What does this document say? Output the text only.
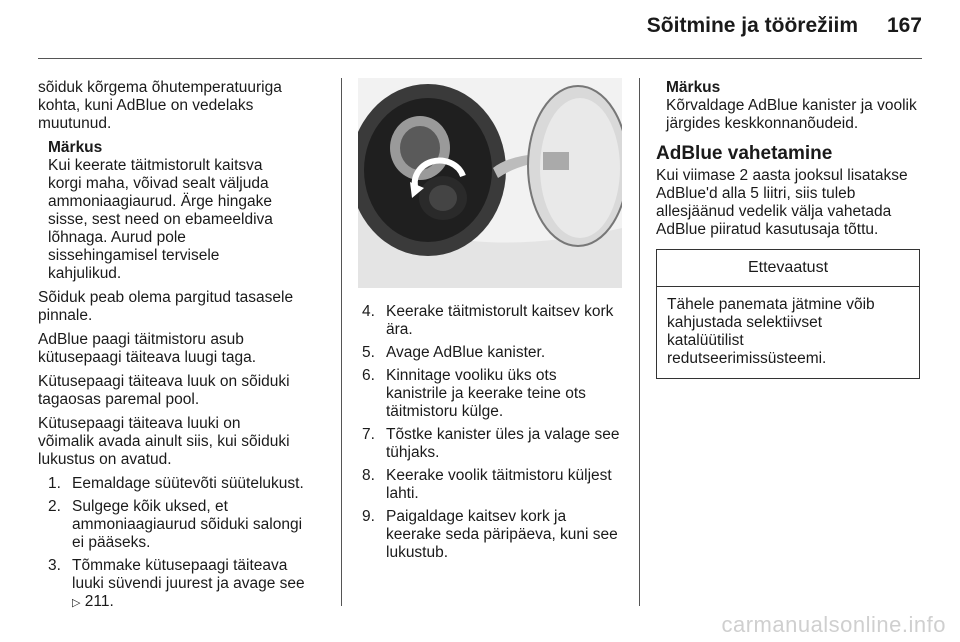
Sõitmine ja töörežiim 167

sõiduk kõrgema õhutemperatuuriga
kohta, kuni AdBlue on vedelaks
muutunud.

Märkus
Kui keerate täitmistorult kaitsva
korgi maha, võivad sealt väljuda
ammoniaagiaurud. Ärge hingake
sisse, sest need on ebameeldiva
lõhnaga. Aurud pole
sissehingamisel tervisele
kahjulikud.

Sõiduk peab olema pargitud tasasele
pinnale.

AdBlue paagi täitmistoru asub
kütusepaagi täiteava luugi taga.

Kütusepaagi täiteava luuk on sõiduki
tagaosas paremal pool.

Kütusepaagi täiteava luuki on
võimalik avada ainult siis, kui sõiduki
lukustus on avatud.

1. Eemaldage süütevõti süütelukust.
2. Sulgege kõik uksed, et
ammoniaagiaurud sõiduki salongi
ei pääseks.
3. Tõmmake kütusepaagi täiteava
luuki süvendi juurest ja avage see
▷ 211.
4. Keerake täitmistorult kaitsev kork
ära.
5. Avage AdBlue kanister.
6. Kinnitage vooliku üks ots
kanistrile ja keerake teine ots
täitmistoru külge.
7. Tõstke kanister üles ja valage see
tühjaks.
8. Keerake voolik täitmistoru küljest
lahti.
9. Paigaldage kaitsev kork ja
keerake seda päripäeva, kuni see
lukustub.
Märkus
Kõrvaldage AdBlue kanister ja voolik
järgides keskkonnanõudeid.
AdBlue vahetamine
Kui viimase 2 aasta jooksul lisatakse
AdBlue'd alla 5 liitri, siis tuleb
allesjäänud vedelik välja vahetada
AdBlue piiratud kasutusaja tõttu.
Ettevaatust
Tähele panemata jätmine võib
kahjustada selektiivset
katalüütilist
redutseerimissüsteemi.
carmanualsonline.info
